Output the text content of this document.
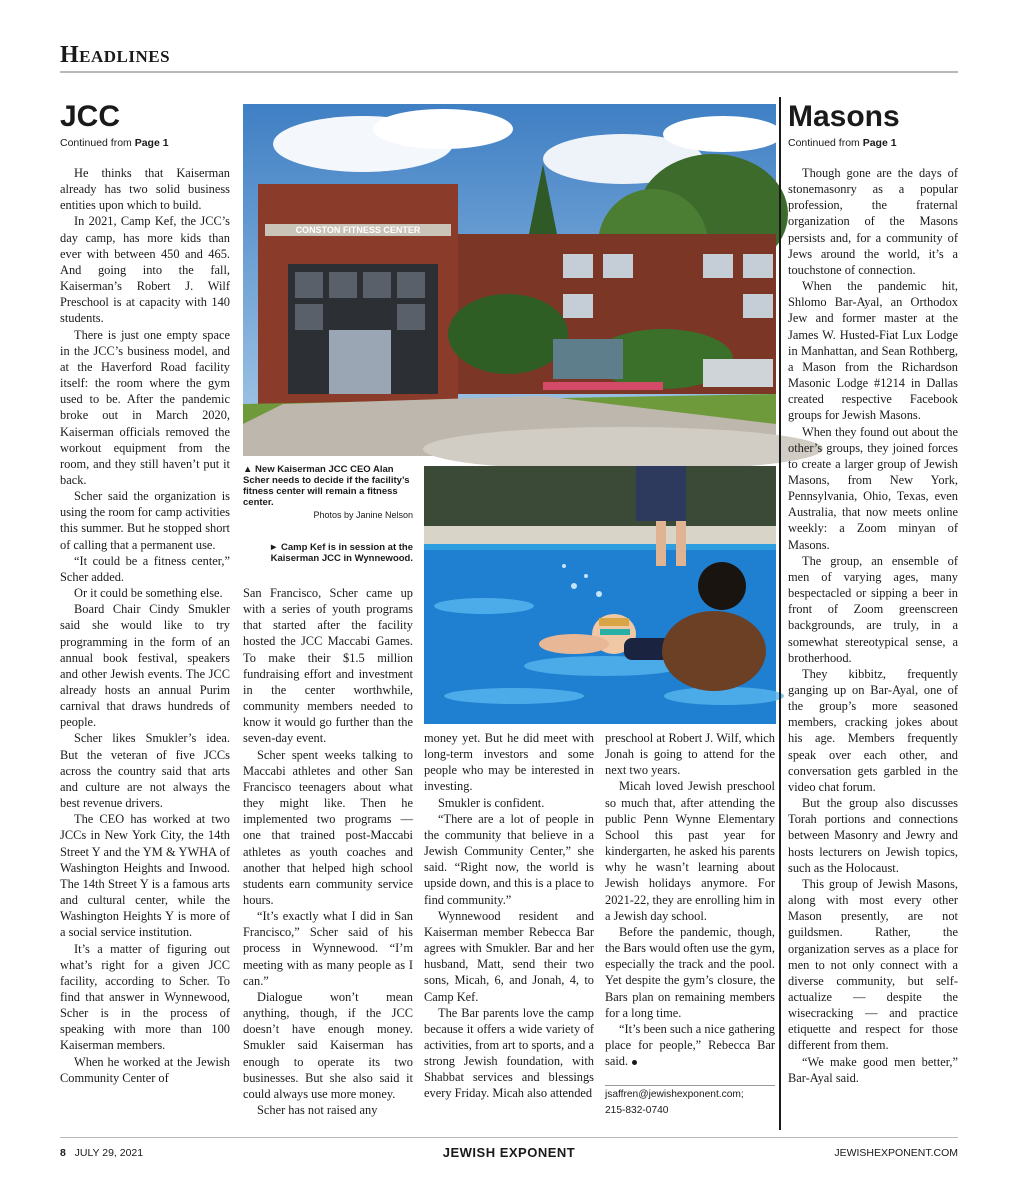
Headlines
JCC
Continued from Page 1

He thinks that Kaiserman already has two solid business entities upon which to build.

In 2021, Camp Kef, the JCC’s day camp, has more kids than ever with between 450 and 465. And going into the fall, Kaiserman’s Robert J. Wilf Preschool is at capacity with 140 students.

There is just one empty space in the JCC’s business model, and at the Haverford Road facility itself: the room where the gym used to be. After the pandemic broke out in March 2020, Kaiserman officials removed the workout equipment from the room, and they still haven’t put it back.

Scher said the organization is using the room for camp activities this summer. But he stopped short of calling that a permanent use.

“It could be a fitness center,” Scher added.

Or it could be something else.

Board Chair Cindy Smukler said she would like to try programming in the form of an annual book festival, speakers and other Jewish events. The JCC already hosts an annual Purim carnival that draws hundreds of people.

Scher likes Smukler’s idea. But the veteran of five JCCs across the country said that arts and culture are not always the best revenue drivers.

The CEO has worked at two JCCs in New York City, the 14th Street Y and the YM & YWHA of Washington Heights and Inwood. The 14th Street Y is a famous arts and cultural center, while the Washington Heights Y is more of a social service institution.

It’s a matter of figuring out what’s right for a given JCC facility, according to Scher. To find that answer in Wynnewood, Scher is in the process of speaking with more than 100 Kaiserman members.

When he worked at the Jewish Community Center of

CONSTON FITNESS CENTER
▲ New Kaiserman JCC CEO Alan Scher needs to decide if the facility’s fitness center will remain a fitness center.
Photos by Janine Nelson
► Camp Kef is in session at the Kaiserman JCC in Wynnewood.

San Francisco, Scher came up with a series of youth programs that started after the facility hosted the JCC Maccabi Games. To make their $1.5 million fundraising effort and investment in the center worthwhile, community members needed to know it would go further than the seven-day event.

Scher spent weeks talking to Maccabi athletes and other San Francisco teenagers about what they might like. Then he implemented two programs — one that trained post-Maccabi athletes as youth coaches and another that helped high school students earn community service hours.

“It’s exactly what I did in San Francisco,” Scher said of his process in Wynnewood. “I’m meeting with as many people as I can.”

Dialogue won’t mean anything, though, if the JCC doesn’t have enough money. Smukler said Kaiserman has enough to operate its two businesses. But she also said it could always use more money.

Scher has not raised any

money yet. But he did meet with long-term investors and some people who may be interested in investing.

Smukler is confident.

“There are a lot of people in the community that believe in a Jewish Community Center,” she said. “Right now, the world is upside down, and this is a place to find community.”

Wynnewood resident and Kaiserman member Rebecca Bar agrees with Smukler. Bar and her husband, Matt, send their two sons, Micah, 6, and Jonah, 4, to Camp Kef.

The Bar parents love the camp because it offers a wide variety of activities, from art to sports, and a strong Jewish foundation, with Shabbat services and blessings every Friday. Micah also attended

preschool at Robert J. Wilf, which Jonah is going to attend for the next two years.

Micah loved Jewish preschool so much that, after attending the public Penn Wynne Elementary School this past year for kindergarten, he asked his parents why he wasn’t learning about Jewish holidays anymore. For 2021-22, they are enrolling him in a Jewish day school.

Before the pandemic, though, the Bars would often use the gym, especially the track and the pool. Yet despite the gym’s closure, the Bars plan on remaining members for a long time.

“It’s been such a nice gathering place for people,” Rebecca Bar said.

jsaffren@jewishexponent.com;
215-832-0740
Masons
Continued from Page 1

Though gone are the days of stonemasonry as a popular profession, the fraternal organization of the Masons persists and, for a community of Jews around the world, it’s a touchstone of connection.

When the pandemic hit, Shlomo Bar-Ayal, an Orthodox Jew and former master at the James W. Husted-Fiat Lux Lodge in Manhattan, and Sean Rothberg, a Mason from the Richardson Masonic Lodge #1214 in Dallas created respective Facebook groups for Jewish Masons.

When they found out about the other’s groups, they joined forces to create a larger group of Jewish Masons, from New York, Pennsylvania, Ohio, Texas, even Australia, that now meets online weekly: a Zoom minyan of Masons.

The group, an ensemble of men of varying ages, many bespectacled or sipping a beer in front of Zoom greenscreen backgrounds, are truly, in a somewhat stereotypical sense, a brotherhood.

They kibbitz, frequently ganging up on Bar-Ayal, one of the group’s more seasoned members, cracking jokes about his age. Members frequently speak over each other, and conversation gets garbled in the video chat forum.

But the group also discusses Torah portions and connections between Masonry and Jewry and hosts lecturers on Jewish topics, such as the Holocaust.

This group of Jewish Masons, along with most every other Mason presently, are not guildsmen. Rather, the organization serves as a place for men to not only connect with a diverse community, but self-actualize — despite the wisecracking — and practice etiquette and respect for those different from them.

“We make good men better,” Bar-Ayal said.

8 JULY 29, 2021	JEWISH EXPONENT	JEWISHEXPONENT.COM
